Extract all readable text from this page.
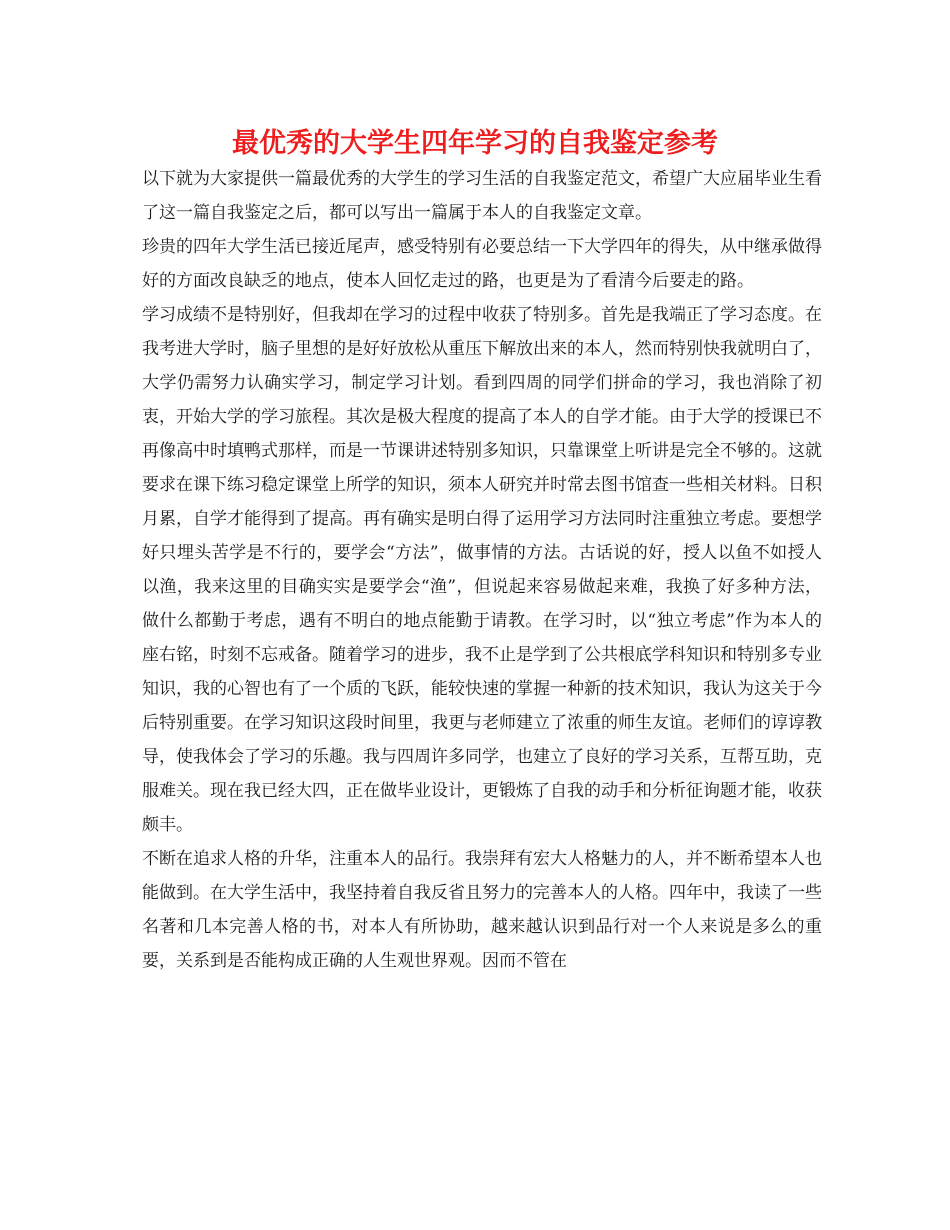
最优秀的大学生四年学习的自我鉴定参考

以下就为大家提供一篇最优秀的大学生的学习生活的自我鉴定范文，希望广大应届毕业生看了这一篇自我鉴定之后，都可以写出一篇属于本人的自我鉴定文章。

珍贵的四年大学生活已接近尾声，感受特别有必要总结一下大学四年的得失，从中继承做得好的方面改良缺乏的地点，使本人回忆走过的路，也更是为了看清今后要走的路。

学习成绩不是特别好，但我却在学习的过程中收获了特别多。首先是我端正了学习态度。在我考进大学时，脑子里想的是好好放松从重压下解放出来的本人，然而特别快我就明白了，大学仍需努力认确实学习，制定学习计划。看到四周的同学们拼命的学习，我也消除了初衷，开始大学的学习旅程。其次是极大程度的提高了本人的自学才能。由于大学的授课已不再像高中时填鸭式那样，而是一节课讲述特别多知识，只靠课堂上听讲是完全不够的。这就要求在课下练习稳定课堂上所学的知识，须本人研究并时常去图书馆查一些相关材料。日积月累，自学才能得到了提高。再有确实是明白得了运用学习方法同时注重独立考虑。要想学好只埋头苦学是不行的，要学会“方法”，做事情的方法。古话说的好，授人以鱼不如授人以渔，我来这里的目确实实是要学会“渔”，但说起来容易做起来难，我换了好多种方法，做什么都勤于考虑，遇有不明白的地点能勤于请教。在学习时，以“独立考虑”作为本人的座右铭，时刻不忘戒备。随着学习的进步，我不止是学到了公共根底学科知识和特别多专业知识，我的心智也有了一个质的飞跃，能较快速的掌握一种新的技术知识，我认为这关于今后特别重要。在学习知识这段时间里，我更与老师建立了浓重的师生友谊。老师们的谆谆教导，使我体会了学习的乐趣。我与四周许多同学，也建立了良好的学习关系，互帮互助，克服难关。现在我已经大四，正在做毕业设计，更锻炼了自我的动手和分析征询题才能，收获颇丰。

不断在追求人格的升华，注重本人的品行。我崇拜有宏大人格魅力的人，并不断希望本人也能做到。在大学生活中，我坚持着自我反省且努力的完善本人的人格。四年中，我读了一些名著和几本完善人格的书，对本人有所协助，越来越认识到品行对一个人来说是多么的重要，关系到是否能构成正确的人生观世界观。因而不管在
